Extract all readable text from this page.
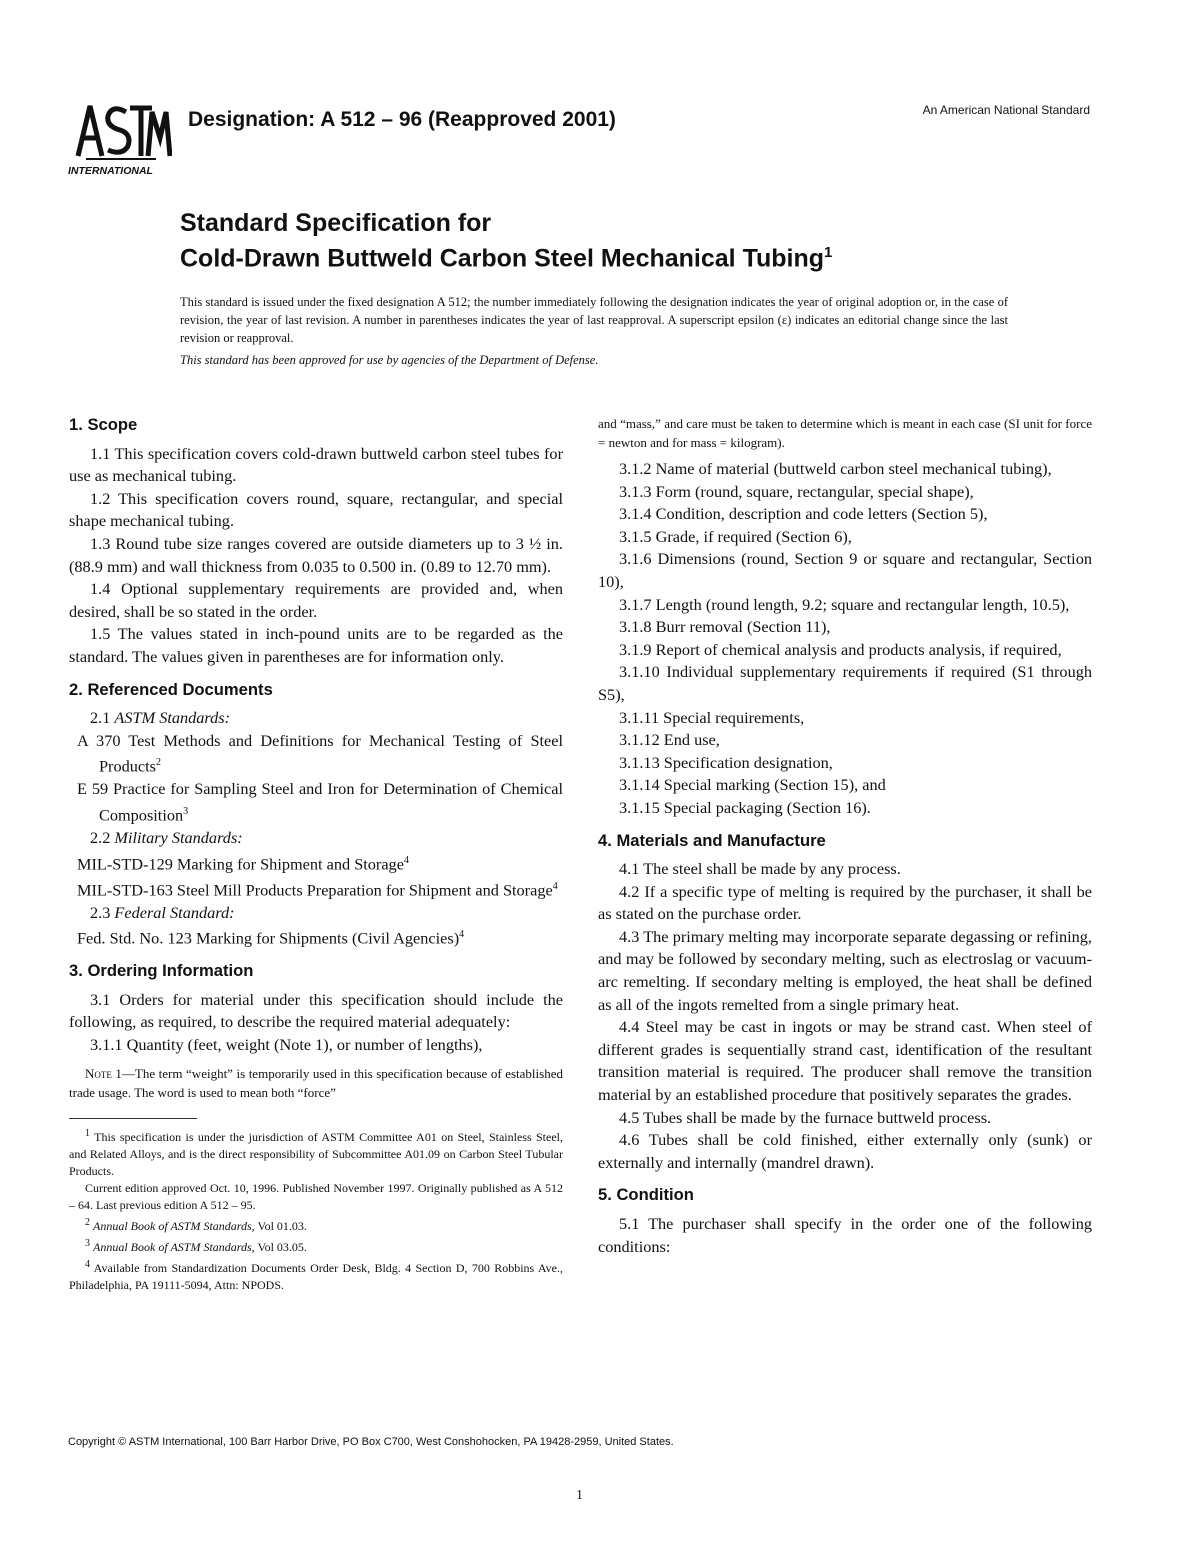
INTERNATIONAL
Designation: A 512 – 96 (Reapproved 2001)	An American National Standard
Standard Specification for
Cold-Drawn Buttweld Carbon Steel Mechanical Tubing$^1$

This standard is issued under the fixed designation A 512; the number immediately following the designation indicates the year of original adoption or, in the case of revision, the year of last revision. A number in parentheses indicates the year of last reapproval. A superscript epsilon (ε) indicates an editorial change since the last revision or reapproval.

This standard has been approved for use by agencies of the Department of Defense.

1. Scope

1.1 This specification covers cold-drawn buttweld carbon steel tubes for use as mechanical tubing.

1.2 This specification covers round, square, rectangular, and special shape mechanical tubing.

1.3 Round tube size ranges covered are outside diameters up to 3 ½ in. (88.9 mm) and wall thickness from 0.035 to 0.500 in. (0.89 to 12.70 mm).

1.4 Optional supplementary requirements are provided and, when desired, shall be so stated in the order.

1.5 The values stated in inch-pound units are to be regarded as the standard. The values given in parentheses are for information only.

2. Referenced Documents

2.1 ASTM Standards:

A 370 Test Methods and Definitions for Mechanical Testing of Steel Products$^2$

E 59 Practice for Sampling Steel and Iron for Determination of Chemical Composition$^3$

2.2 Military Standards:

MIL-STD-129 Marking for Shipment and Storage$^4$

MIL-STD-163 Steel Mill Products Preparation for Shipment and Storage$^4$

2.3 Federal Standard:

Fed. Std. No. 123 Marking for Shipments (Civil Agencies)$^4$

3. Ordering Information

3.1 Orders for material under this specification should include the following, as required, to describe the required material adequately:

3.1.1 Quantity (feet, weight (Note 1), or number of lengths),

Note 1—The term “weight” is temporarily used in this specification because of established trade usage. The word is used to mean both “force”

$^1$ This specification is under the jurisdiction of ASTM Committee A01 on Steel, Stainless Steel, and Related Alloys, and is the direct responsibility of Subcommittee A01.09 on Carbon Steel Tubular Products.

Current edition approved Oct. 10, 1996. Published November 1997. Originally published as A 512 – 64. Last previous edition A 512 – 95.

$^2$ Annual Book of ASTM Standards, Vol 01.03.

$^3$ Annual Book of ASTM Standards, Vol 03.05.

$^4$ Available from Standardization Documents Order Desk, Bldg. 4 Section D, 700 Robbins Ave., Philadelphia, PA 19111-5094, Attn: NPODS.

and “mass,” and care must be taken to determine which is meant in each case (SI unit for force = newton and for mass = kilogram).

3.1.2 Name of material (buttweld carbon steel mechanical tubing),

3.1.3 Form (round, square, rectangular, special shape),

3.1.4 Condition, description and code letters (Section 5),

3.1.5 Grade, if required (Section 6),

3.1.6 Dimensions (round, Section 9 or square and rectangular, Section 10),

3.1.7 Length (round length, 9.2; square and rectangular length, 10.5),

3.1.8 Burr removal (Section 11),

3.1.9 Report of chemical analysis and products analysis, if required,

3.1.10 Individual supplementary requirements if required (S1 through S5),

3.1.11 Special requirements,

3.1.12 End use,

3.1.13 Specification designation,

3.1.14 Special marking (Section 15), and

3.1.15 Special packaging (Section 16).

4. Materials and Manufacture

4.1 The steel shall be made by any process.

4.2 If a specific type of melting is required by the purchaser, it shall be as stated on the purchase order.

4.3 The primary melting may incorporate separate degassing or refining, and may be followed by secondary melting, such as electroslag or vacuum-arc remelting. If secondary melting is employed, the heat shall be defined as all of the ingots remelted from a single primary heat.

4.4 Steel may be cast in ingots or may be strand cast. When steel of different grades is sequentially strand cast, identification of the resultant transition material is required. The producer shall remove the transition material by an established procedure that positively separates the grades.

4.5 Tubes shall be made by the furnace buttweld process.

4.6 Tubes shall be cold finished, either externally only (sunk) or externally and internally (mandrel drawn).

5. Condition

5.1 The purchaser shall specify in the order one of the following conditions:

Copyright © ASTM International, 100 Barr Harbor Drive, PO Box C700, West Conshohocken, PA 19428-2959, United States.
1
